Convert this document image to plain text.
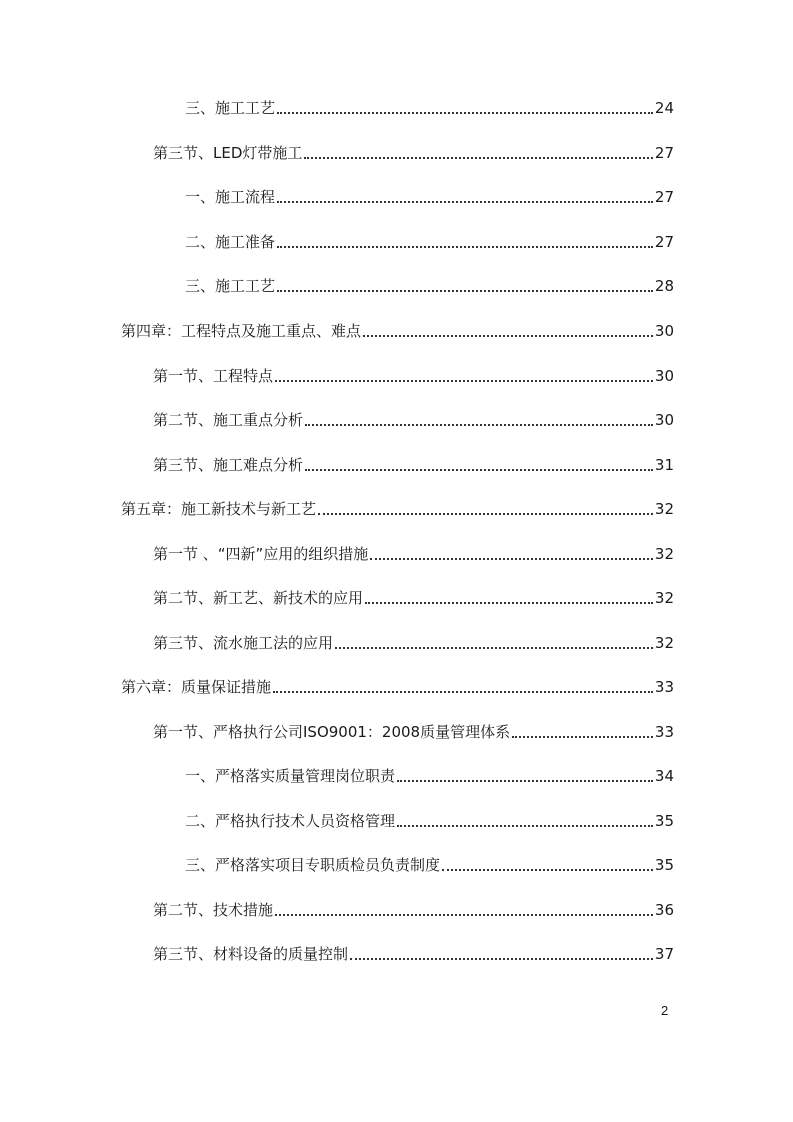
三、施工工艺	24
第三节、LED灯带施工	27
一、施工流程	27
二、施工准备	27
三、施工工艺	28
第四章：工程特点及施工重点、难点	30
第一节、工程特点	30
第二节、施工重点分析	30
第三节、施工难点分析	31
第五章：施工新技术与新工艺	32
第一节 、“四新”应用的组织措施	32
第二节、新工艺、新技术的应用	32
第三节、流水施工法的应用	32
第六章：质量保证措施	33
第一节、严格执行公司ISO9001：2008质量管理体系	33
一、严格落实质量管理岗位职责	34
二、严格执行技术人员资格管理	35
三、严格落实项目专职质检员负责制度	35
第二节、技术措施	36
第三节、材料设备的质量控制	37
2
